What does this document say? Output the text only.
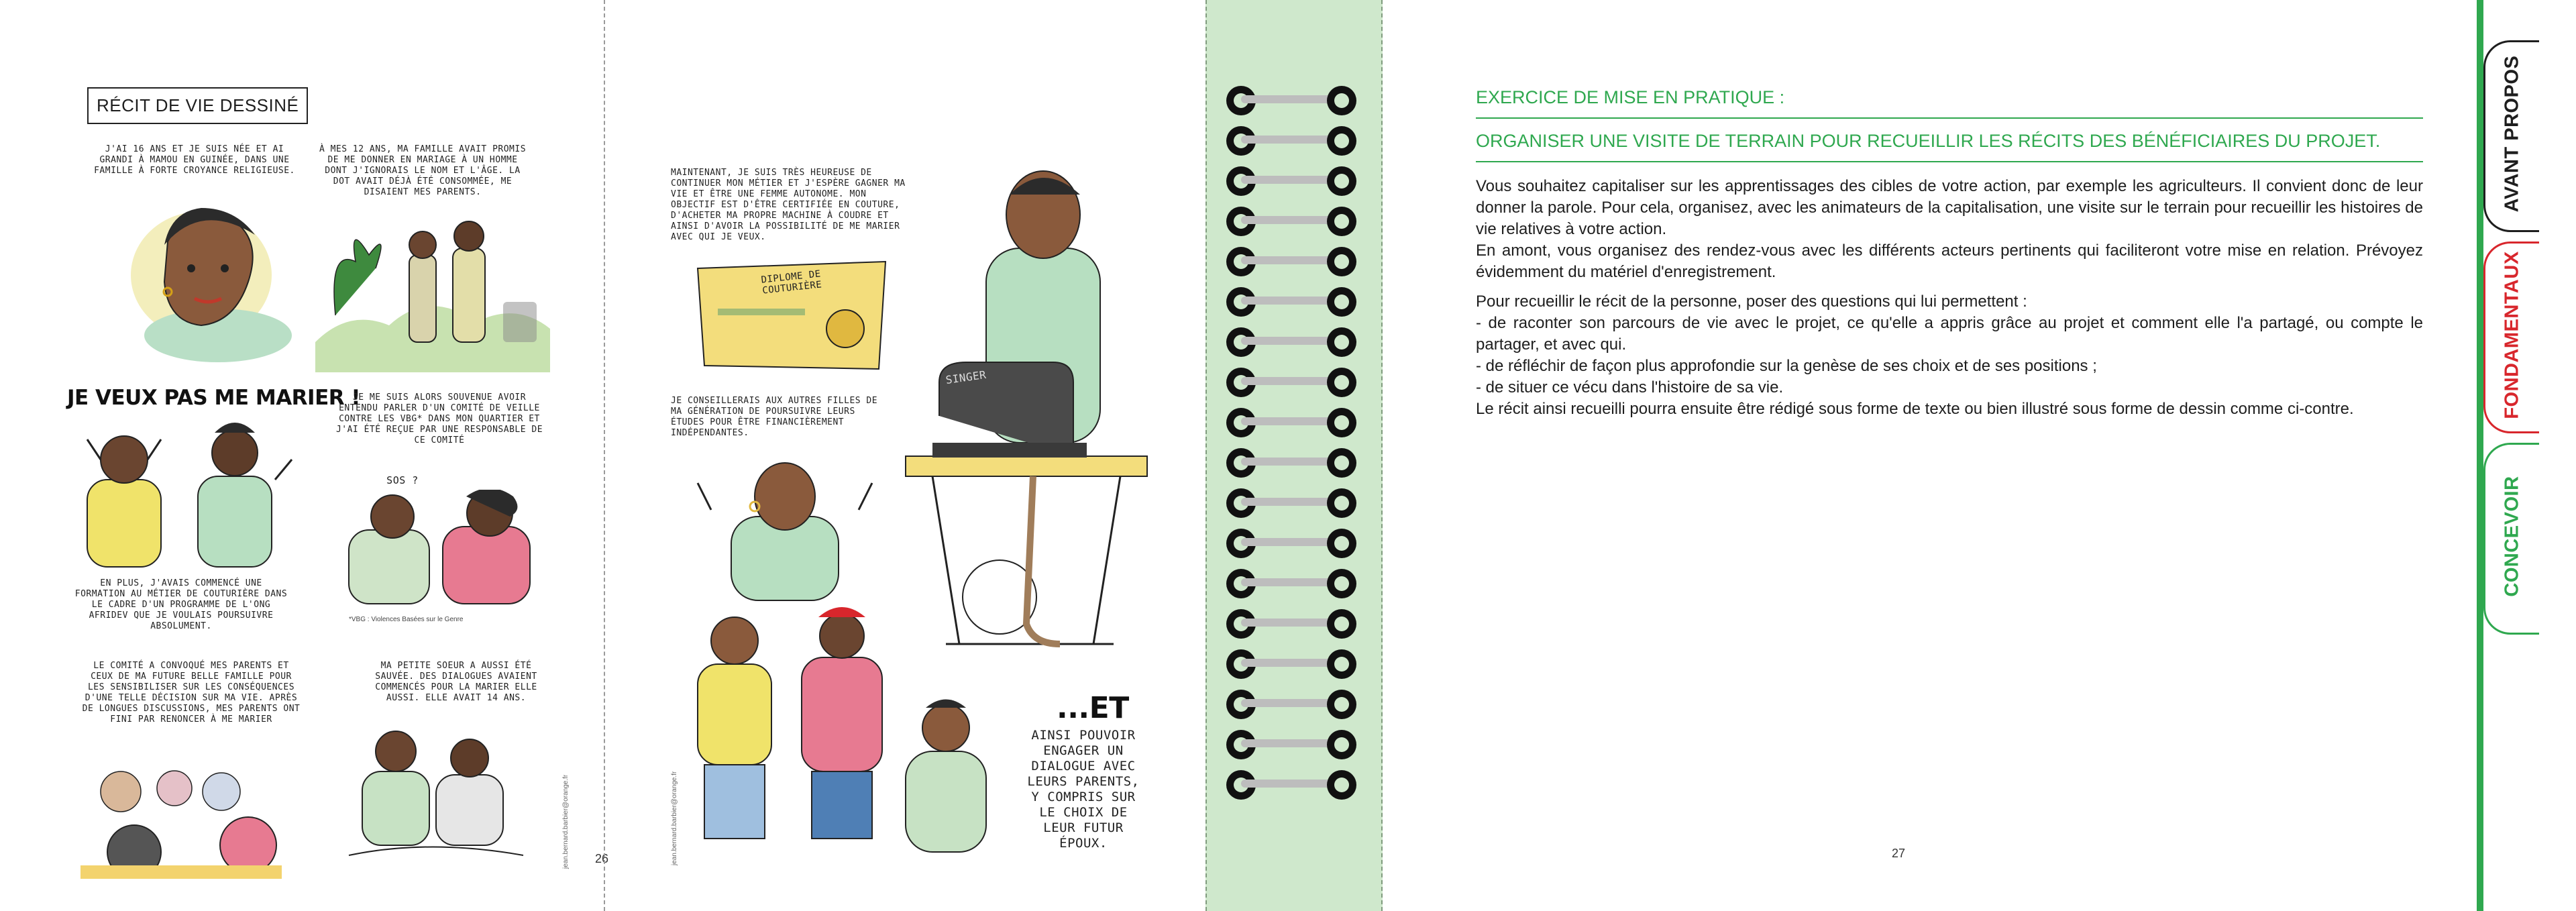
RÉCIT DE VIE DESSINÉ
J'AI 16 ANS ET JE SUIS NÉE ET AI GRANDI À MAMOU EN GUINÉE, DANS UNE FAMILLE À FORTE CROYANCE RELIGIEUSE.
À MES 12 ANS, MA FAMILLE AVAIT PROMIS DE ME DONNER EN MARIAGE À UN HOMME DONT J'IGNORAIS LE NOM ET L'ÂGE. LA DOT AVAIT DÉJÀ ÉTÉ CONSOMMÉE, ME DISAIENT MES PARENTS.
JE VEUX PAS ME MARIER !
EN PLUS, J'AVAIS COMMENCÉ UNE FORMATION AU MÉTIER DE COUTURIÈRE DANS LE CADRE D'UN PROGRAMME DE L'ONG AFRIDEV QUE JE VOULAIS POURSUIVRE ABSOLUMENT.
JE ME SUIS ALORS SOUVENUE AVOIR ENTENDU PARLER D'UN COMITÉ DE VEILLE CONTRE LES VBG* DANS MON QUARTIER ET J'AI ÉTÉ REÇUE PAR UNE RESPONSABLE DE CE COMITÉ
SOS ?
*VBG : Violences Basées sur le Genre
LE COMITÉ A CONVOQUÉ MES PARENTS ET CEUX DE MA FUTURE BELLE FAMILLE POUR LES SENSIBILISER SUR LES CONSÉQUENCES D'UNE TELLE DÉCISION SUR MA VIE. APRÈS DE LONGUES DISCUSSIONS, MES PARENTS ONT FINI PAR RENONCER À ME MARIER
MA PETITE SOEUR A AUSSI ÉTÉ SAUVÉE. DES DIALOGUES AVAIENT COMMENCÉS POUR LA MARIER ELLE AUSSI. ELLE AVAIT 14 ANS.
jean.bernard.barbier@orange.fr 26
MAINTENANT, JE SUIS TRÈS HEUREUSE DE CONTINUER MON MÉTIER ET J'ESPÈRE GAGNER MA VIE ET ÊTRE UNE FEMME AUTONOME. MON OBJECTIF EST D'ÊTRE CERTIFIÉE EN COUTURE, D'ACHETER MA PROPRE MACHINE À COUDRE ET AINSI D'AVOIR LA POSSIBILITÉ DE ME MARIER AVEC QUI JE VEUX.
DIPLOME DE COUTURIÈRE
SINGER
JE CONSEILLERAIS AUX AUTRES FILLES DE MA GÉNÉRATION DE POURSUIVRE LEURS ÉTUDES POUR ÊTRE FINANCIÈREMENT INDÉPENDANTES.
...ET
AINSI POUVOIR ENGAGER UN DIALOGUE AVEC LEURS PARENTS, Y COMPRIS SUR LE CHOIX DE LEUR FUTUR ÉPOUX.
jean.bernard.barbier@orange.fr
EXERCICE DE MISE EN PRATIQUE :
ORGANISER UNE VISITE DE TERRAIN POUR RECUEILLIR LES RÉCITS DES BÉNÉFICIAIRES DU PROJET.

Vous souhaitez capitaliser sur les apprentissages des cibles de votre action, par exemple les agriculteurs. Il convient donc de leur donner la parole. Pour cela, organisez, avec les animateurs de la capitalisation, une visite sur le terrain pour recueillir les histoires de vie relatives à votre action.

En amont, vous organisez des rendez-vous avec les différents acteurs pertinents qui faciliteront votre mise en relation. Prévoyez évidemment du matériel d'enregistrement.

Pour recueillir le récit de la personne, poser des questions qui lui permettent :

- de raconter son parcours de vie avec le projet, ce qu'elle a appris grâce au projet et comment elle l'a partagé, ou compte le partager, et avec qui.

- de réfléchir de façon plus approfondie sur la genèse de ses choix et de ses positions ;

- de situer ce vécu dans l'histoire de sa vie.

Le récit ainsi recueilli pourra ensuite être rédigé sous forme de texte ou bien illustré sous forme de dessin comme ci-contre.

27
AVANT PROPOS
FONDAMENTAUX
CONCEVOIR
